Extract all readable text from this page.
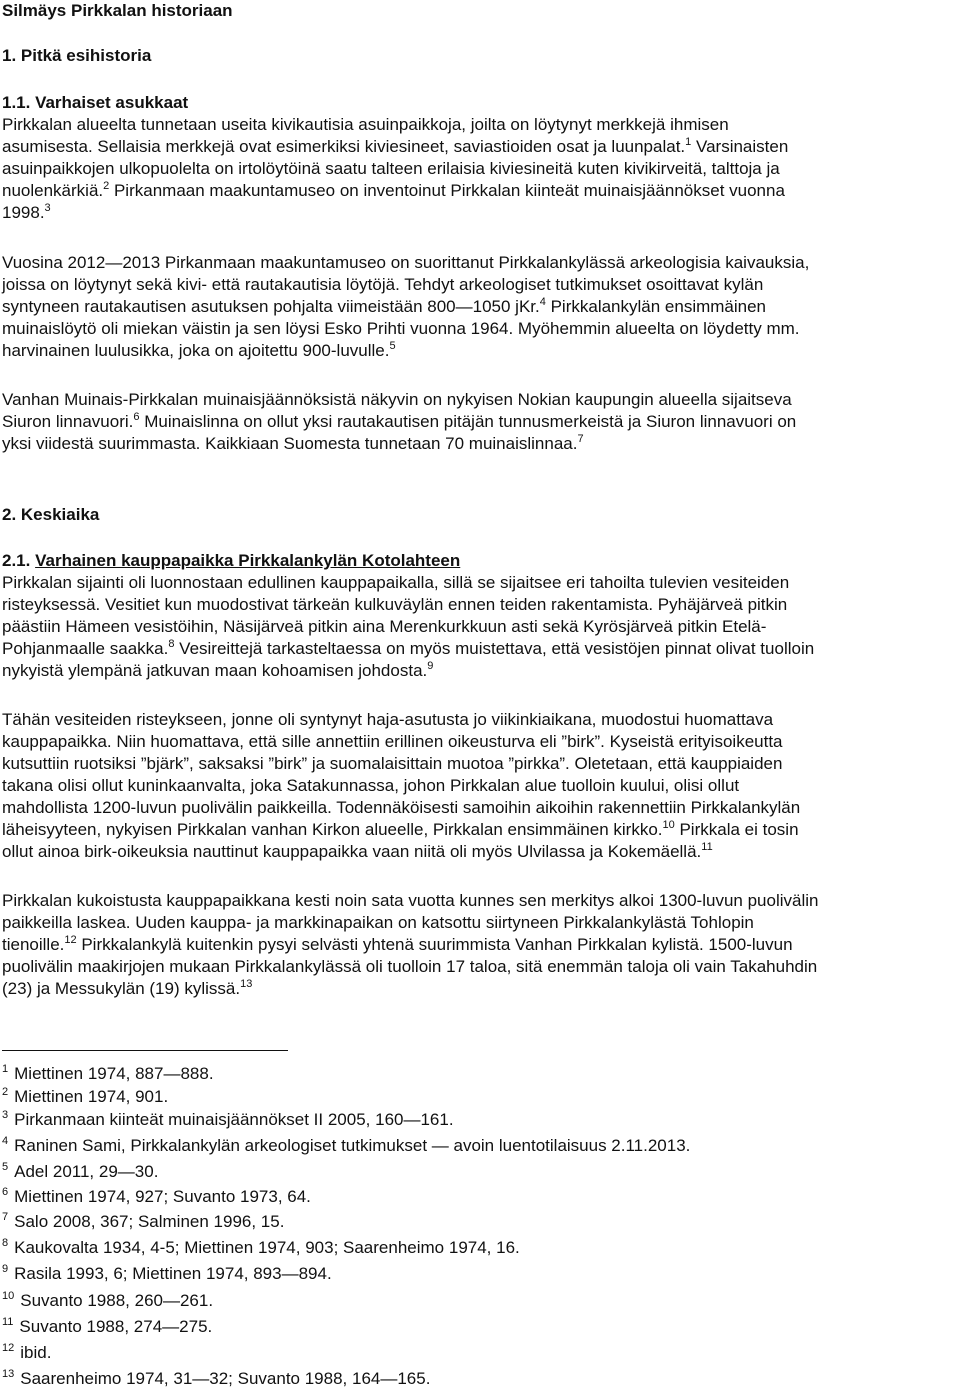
Silmäys Pirkkalan historiaan
1. Pitkä esihistoria
1.1. Varhaiset asukkaat
Pirkkalan alueelta tunnetaan useita kivikautisia asuinpaikkoja, joilta on löytynyt merkkejä ihmisen
asumisesta. Sellaisia merkkejä ovat esimerkiksi kiviesineet, saviastioiden osat ja luunpalat.$^1$ Varsinaisten
asuinpaikkojen ulkopuolelta on irtolöytöinä saatu talteen erilaisia kiviesineitä kuten kivikirveitä, talttoja ja
nuolenkärkiä.$^2$ Pirkanmaan maakuntamuseo on inventoinut Pirkkalan kiinteät muinaisjäännökset vuonna
1998.$^3$
Vuosina 2012—2013 Pirkanmaan maakuntamuseo on suorittanut Pirkkalankylässä arkeologisia kaivauksia,
joissa on löytynyt sekä kivi- että rautakautisia löytöjä. Tehdyt arkeologiset tutkimukset osoittavat kylän
syntyneen rautakautisen asutuksen pohjalta viimeistään 800—1050 jKr.$^4$ Pirkkalankylän ensimmäinen
muinaislöytö oli miekan väistin ja sen löysi Esko Prihti vuonna 1964. Myöhemmin alueelta on löydetty mm.
harvinainen luulusikka, joka on ajoitettu 900-luvulle.$^5$
Vanhan Muinais-Pirkkalan muinaisjäännöksistä näkyvin on nykyisen Nokian kaupungin alueella sijaitseva
Siuron linnavuori.$^6$ Muinaislinna on ollut yksi rautakautisen pitäjän tunnusmerkeistä ja Siuron linnavuori on
yksi viidestä suurimmasta. Kaikkiaan Suomesta tunnetaan 70 muinaislinnaa.$^7$
2. Keskiaika
2.1. Varhainen kauppapaikka Pirkkalankylän Kotolahteen
Pirkkalan sijainti oli luonnostaan edullinen kauppapaikalla, sillä se sijaitsee eri tahoilta tulevien vesiteiden
risteyksessä. Vesitiet kun muodostivat tärkeän kulkuväylän ennen teiden rakentamista. Pyhäjärveä pitkin
päästiin Hämeen vesistöihin, Näsijärveä pitkin aina Merenkurkkuun asti sekä Kyrösjärveä pitkin Etelä-
Pohjanmaalle saakka.$^8$ Vesireittejä tarkasteltaessa on myös muistettava, että vesistöjen pinnat olivat tuolloin
nykyistä ylempänä jatkuvan maan kohoamisen johdosta.$^9$
Tähän vesiteiden risteykseen, jonne oli syntynyt haja-asutusta jo viikinkiaikana, muodostui huomattava
kauppapaikka. Niin huomattava, että sille annettiin erillinen oikeusturva eli ”birk”. Kyseistä erityisoikeutta
kutsuttiin ruotsiksi ”bjärk”, saksaksi ”birk” ja suomalaisittain muotoa ”pirkka”. Oletetaan, että kauppiaiden
takana olisi ollut kuninkaanvalta, joka Satakunnassa, johon Pirkkalan alue tuolloin kuului, olisi ollut
mahdollista 1200-luvun puolivälin paikkeilla. Todennäköisesti samoihin aikoihin rakennettiin Pirkkalankylän
läheisyyteen, nykyisen Pirkkalan vanhan Kirkon alueelle, Pirkkalan ensimmäinen kirkko.$^{10}$ Pirkkala ei tosin
ollut ainoa birk-oikeuksia nauttinut kauppapaikka vaan niitä oli myös Ulvilassa ja Kokemäellä.$^{11}$
Pirkkalan kukoistusta kauppapaikkana kesti noin sata vuotta kunnes sen merkitys alkoi 1300-luvun puolivälin
paikkeilla laskea. Uuden kauppa- ja markkinapaikan on katsottu siirtyneen Pirkkalankylästä Tohlopin
tienoille.$^{12}$ Pirkkalankylä kuitenkin pysyi selvästi yhtenä suurimmista Vanhan Pirkkalan kylistä. 1500-luvun
puolivälin maakirjojen mukaan Pirkkalankylässä oli tuolloin 17 taloa, sitä enemmän taloja oli vain Takahuhdin
(23) ja Messukylän (19) kylissä.$^{13}$
$^1$ Miettinen 1974, 887—888.
$^2$ Miettinen 1974, 901.
$^3$ Pirkanmaan kiinteät muinaisjäännökset II 2005, 160—161.
$^4$ Raninen Sami, Pirkkalankylän arkeologiset tutkimukset — avoin luentotilaisuus 2.11.2013.
$^5$ Adel 2011, 29—30.
$^6$ Miettinen 1974, 927; Suvanto 1973, 64.
$^7$ Salo 2008, 367; Salminen 1996, 15.
$^8$ Kaukovalta 1934, 4-5; Miettinen 1974, 903; Saarenheimo 1974, 16.
$^9$ Rasila 1993, 6; Miettinen 1974, 893—894.
$^{10}$ Suvanto 1988, 260—261.
$^{11}$ Suvanto 1988, 274—275.
$^{12}$ ibid.
$^{13}$ Saarenheimo 1974, 31—32; Suvanto 1988, 164—165.
